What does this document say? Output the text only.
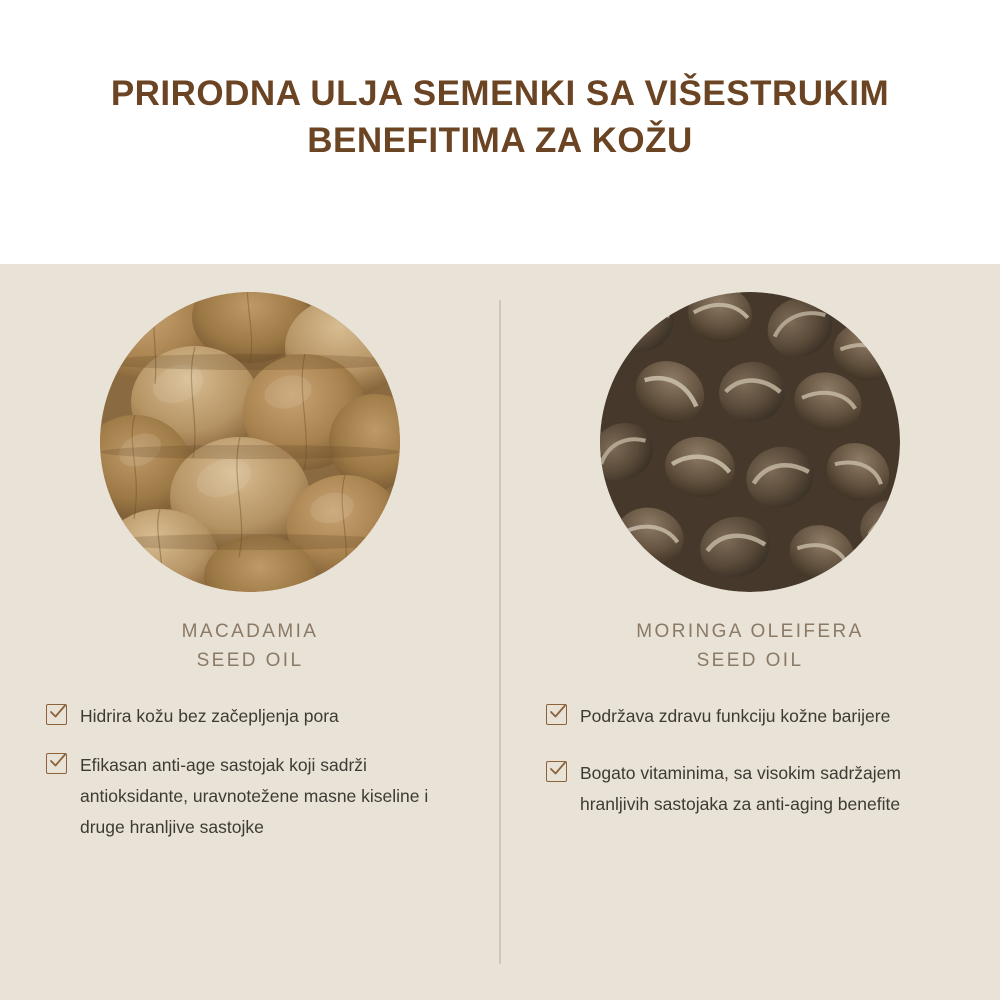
PRIRODNA ULJA SEMENKI SA VIŠESTRUKIM BENEFITIMA ZA KOŽU
MACADAMIA
SEED OIL
Hidrira kožu bez začepljenja pora
Efikasan anti-age sastojak koji sadrži antioksidante, uravnotežene masne kiseline i druge hranljive sastojke
MORINGA OLEIFERA
SEED OIL
Podržava zdravu funkciju kožne barijere
Bogato vitaminima, sa visokim sadržajem hranljivih sastojaka za anti-aging benefite
